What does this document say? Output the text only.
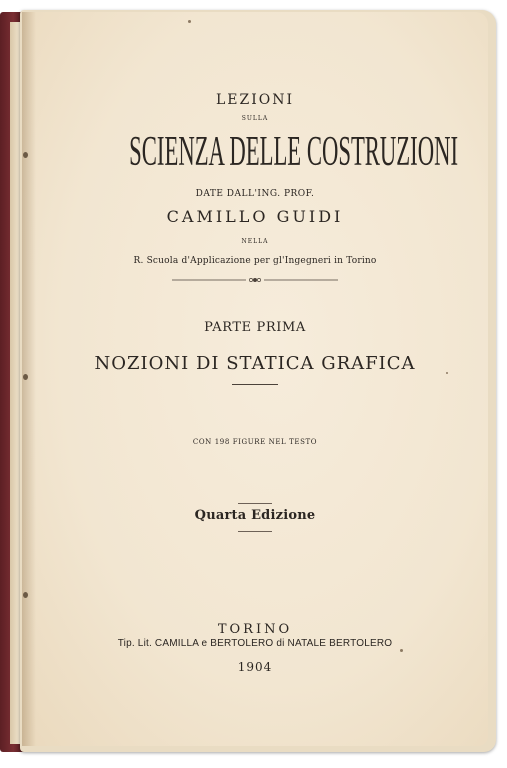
LEZIONI
SULLA
SCIENZA DELLE COSTRUZIONI
DATE DALL'ING. PROF.
CAMILLO GUIDI
NELLA
R. Scuola d'Applicazione per gl'Ingegneri in Torino
PARTE PRIMA
NOZIONI DI STATICA GRAFICA
CON 198 FIGURE NEL TESTO
Quarta Edizione
TORINO
Tip. Lit. CAMILLA e BERTOLERO di NATALE BERTOLERO
1904
